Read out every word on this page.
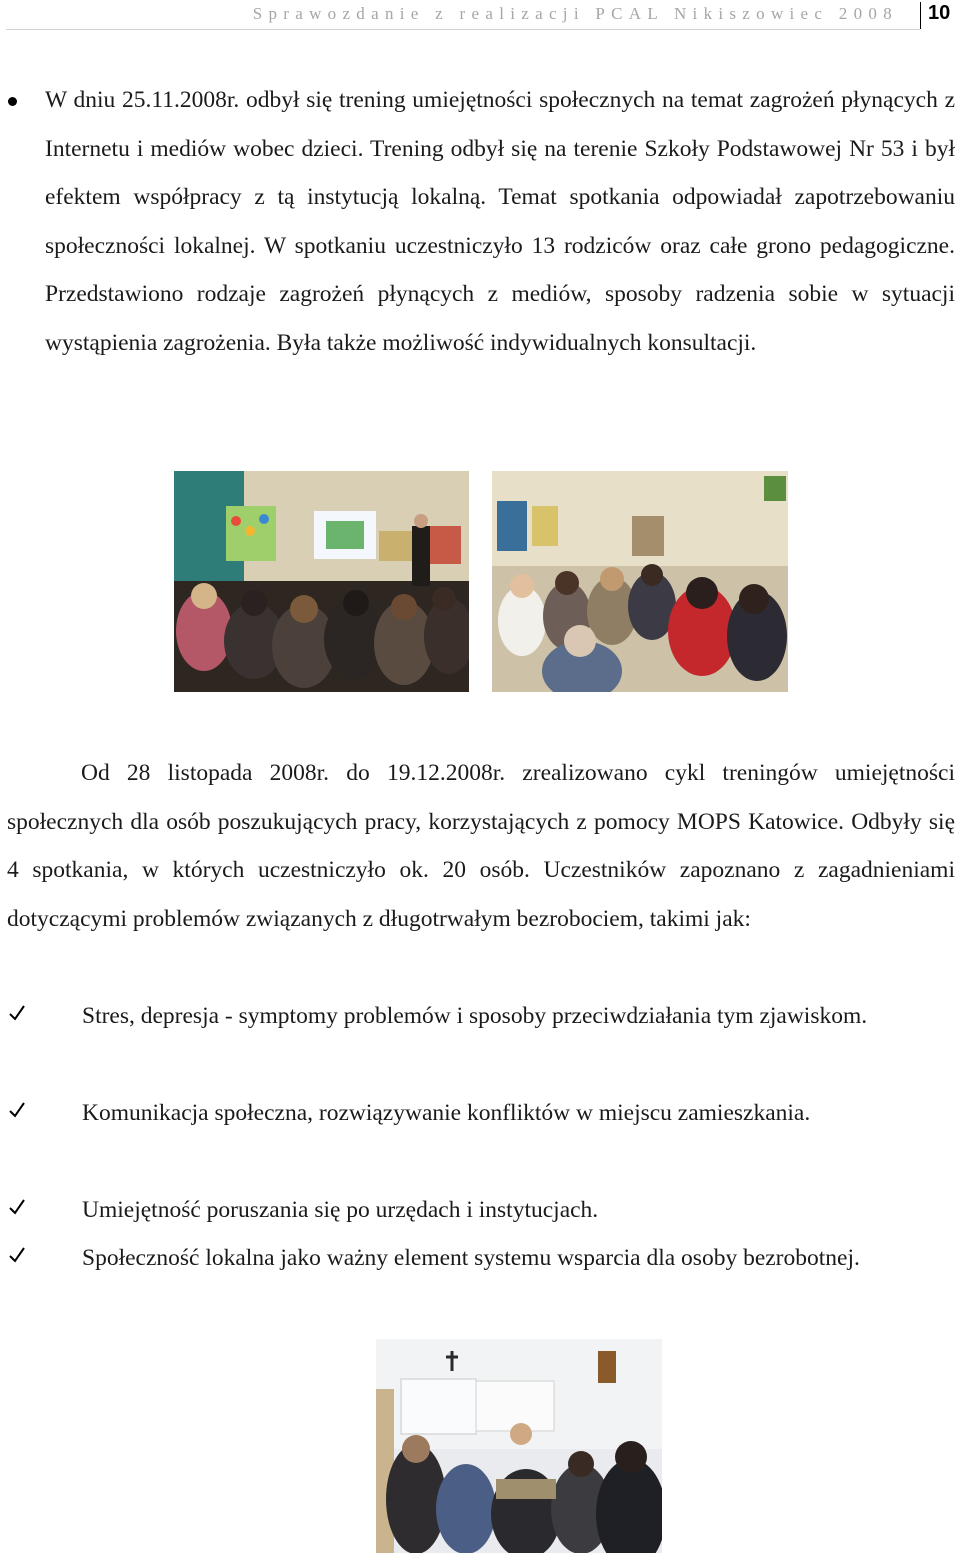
Sprawozdanie z realizacji PCAL Nikiszowiec 2008 10
W dniu 25.11.2008r. odbył się trening umiejętności społecznych na temat zagrożeń płynących z Internetu i mediów wobec dzieci. Trening odbył się na terenie Szkoły Podstawowej Nr 53 i był efektem współpracy z tą instytucją lokalną. Temat spotkania odpowiadał zapotrzebowaniu społeczności lokalnej. W spotkaniu uczestniczyło 13 rodziców oraz całe grono pedagogiczne. Przedstawiono rodzaje zagrożeń płynących z mediów, sposoby radzenia sobie w sytuacji wystąpienia zagrożenia. Była także możliwość indywidualnych konsultacji.
Od 28 listopada 2008r. do 19.12.2008r. zrealizowano cykl treningów umiejętności społecznych dla osób poszukujących pracy, korzystających z pomocy MOPS Katowice. Odbyły się 4 spotkania, w których uczestniczyło ok. 20 osób. Uczestników zapoznano z zagadnieniami dotyczącymi problemów związanych z długotrwałym bezrobociem, takimi jak:
Stres, depresja - symptomy problemów i sposoby przeciwdziałania tym zjawiskom.
Komunikacja społeczna, rozwiązywanie konfliktów w miejscu zamieszkania.
Umiejętność poruszania się po urzędach i instytucjach.
Społeczność lokalna jako ważny element systemu wsparcia dla osoby bezrobotnej.
